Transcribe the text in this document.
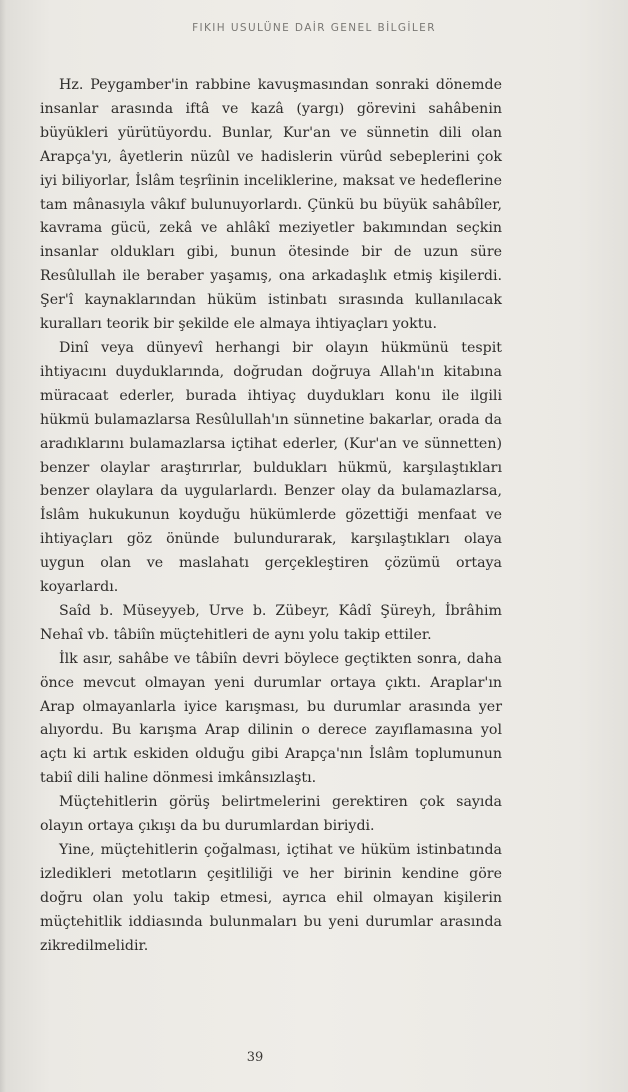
FIKIH USULÜNE DAİR GENEL BİLGİLER

Hz. Peygamber'in rabbine kavuşmasından sonraki dönemde insanlar arasında iftâ ve kazâ (yargı) görevini sahâbenin büyükleri yürütüyordu. Bunlar, Kur'an ve sünnetin dili olan Arapça'yı, âyetlerin nüzûl ve hadislerin vürûd sebeplerini çok iyi biliyorlar, İslâm teşrîinin inceliklerine, maksat ve hedeflerine tam mânasıyla vâkıf bulunuyorlardı. Çünkü bu büyük sahâbîler, kavrama gücü, zekâ ve ahlâkî meziyetler bakımından seçkin insanlar oldukları gibi, bunun ötesinde bir de uzun süre Resûlullah ile beraber yaşamış, ona arkadaşlık etmiş kişilerdi. Şer'î kaynaklarından hüküm istinbatı sırasında kullanılacak kuralları teorik bir şekilde ele almaya ihtiyaçları yoktu.

Dinî veya dünyevî herhangi bir olayın hükmünü tespit ihtiyacını duyduklarında, doğrudan doğruya Allah'ın kitabına müracaat ederler, burada ihtiyaç duydukları konu ile ilgili hükmü bulamazlarsa Resûlullah'ın sünnetine bakarlar, orada da aradıklarını bulamazlarsa içtihat ederler, (Kur'an ve sünnetten) benzer olaylar araştırırlar, buldukları hükmü, karşılaştıkları benzer olaylara da uygularlardı. Benzer olay da bulamazlarsa, İslâm hukukunun koyduğu hükümlerde gözettiği menfaat ve ihtiyaçları göz önünde bulundurarak, karşılaştıkları olaya uygun olan ve maslahatı gerçekleştiren çözümü ortaya koyarlardı.

Saîd b. Müseyyeb, Urve b. Zübeyr, Kâdî Şüreyh, İbrâhim Nehaî vb. tâbiîn müçtehitleri de aynı yolu takip ettiler.

İlk asır, sahâbe ve tâbiîn devri böylece geçtikten sonra, daha önce mevcut olmayan yeni durumlar ortaya çıktı. Araplar'ın Arap olmayanlarla iyice karışması, bu durumlar arasında yer alıyordu. Bu karışma Arap dilinin o derece zayıflamasına yol açtı ki artık eskiden olduğu gibi Arapça'nın İslâm toplumunun tabiî dili haline dönmesi imkânsızlaştı.

Müçtehitlerin görüş belirtmelerini gerektiren çok sayıda olayın ortaya çıkışı da bu durumlardan biriydi.

Yine, müçtehitlerin çoğalması, içtihat ve hüküm istinbatında izledikleri metotların çeşitliliği ve her birinin kendine göre doğru olan yolu takip etmesi, ayrıca ehil olmayan kişilerin müçtehitlik iddiasında bulunmaları bu yeni durumlar arasında zikredilmelidir.

39
